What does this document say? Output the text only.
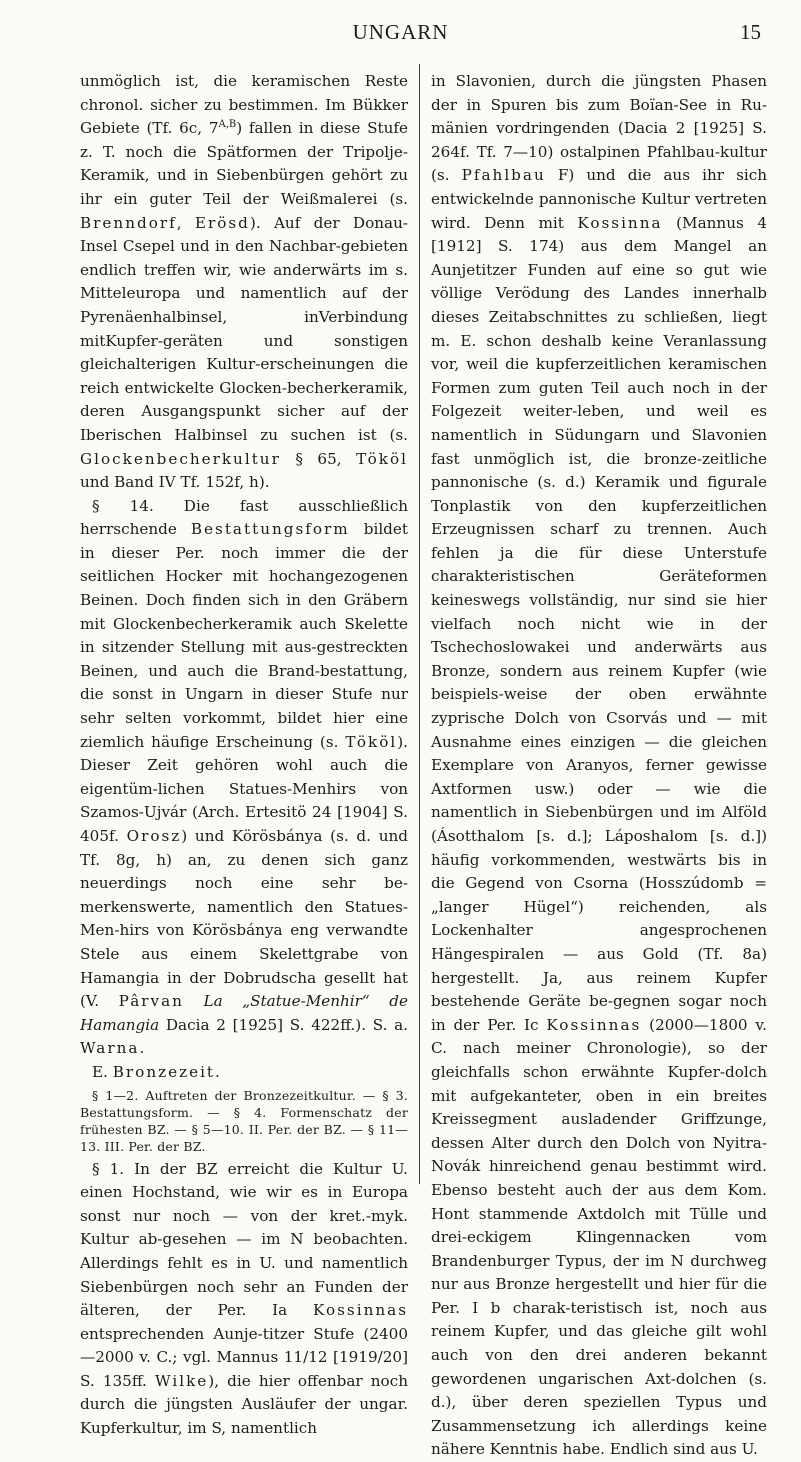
UNGARN	15

unmöglich ist, die keramischen Reste chronol. sicher zu bestimmen. Im Bükker Gebiete (Tf. 6c, $7^{A,B}$) fallen in diese Stufe z. T. noch die Spätformen der Tripolje-Keramik, und in Siebenbürgen gehört zu ihr ein guter Teil der Weißmalerei (s. Brenndorf, Erösd). Auf der Donau-Insel Csepel und in den Nachbar-gebieten endlich treffen wir, wie anderwärts im s. Mitteleuropa und namentlich auf der Pyrenäenhalbinsel, inVerbindung mitKupfer-geräten und sonstigen gleichalterigen Kultur-erscheinungen die reich entwickelte Glocken-becherkeramik, deren Ausgangspunkt sicher auf der Iberischen Halbinsel zu suchen ist (s. Glockenbecherkultur § 65, Tököl und Band IV Tf. 152f, h).

§ 14. Die fast ausschließlich herrschende Bestattungsform bildet in dieser Per. noch immer die der seitlichen Hocker mit hochangezogenen Beinen. Doch finden sich in den Gräbern mit Glockenbecherkeramik auch Skelette in sitzender Stellung mit aus-gestreckten Beinen, und auch die Brand-bestattung, die sonst in Ungarn in dieser Stufe nur sehr selten vorkommt, bildet hier eine ziemlich häufige Erscheinung (s. Tököl). Dieser Zeit gehören wohl auch die eigentüm-lichen Statues-Menhirs von Szamos-Ujvár (Arch. Ertesitö 24 [1904] S. 405f. Orosz) und Körösbánya (s. d. und Tf. 8g, h) an, zu denen sich ganz neuerdings noch eine sehr be-merkenswerte, namentlich den Statues-Men-hirs von Körösbánya eng verwandte Stele aus einem Skelettgrabe von Hamangia in der Dobrudscha gesellt hat (V. Pârvan La „Statue-Menhir“ de Hamangia Dacia 2 [1925] S. 422ff.). S. a. Warna.

E. Bronzezeit.

§ 1—2. Auftreten der Bronzezeitkultur. — § 3. Bestattungsform. — § 4. Formenschatz der frühesten BZ. — § 5—10. II. Per. der BZ. — § 11—13. III. Per. der BZ.

§ 1. In der BZ erreicht die Kultur U. einen Hochstand, wie wir es in Europa sonst nur noch — von der kret.-myk. Kultur ab-gesehen — im N beobachten. Allerdings fehlt es in U. und namentlich Siebenbürgen noch sehr an Funden der älteren, der Per. Ia Kossinnas entsprechenden Aunje-titzer Stufe (2400—2000 v. C.; vgl. Mannus 11/12 [1919/20] S. 135ff. Wilke), die hier offenbar noch durch die jüngsten Ausläufer der ungar. Kupferkultur, im S, namentlich

in Slavonien, durch die jüngsten Phasen der in Spuren bis zum Boïan-See in Ru-mänien vordringenden (Dacia 2 [1925] S. 264f. Tf. 7—10) ostalpinen Pfahlbau-kultur (s. Pfahlbau F) und die aus ihr sich entwickelnde pannonische Kultur vertreten wird. Denn mit Kossinna (Mannus 4 [1912] S. 174) aus dem Mangel an Aunjetitzer Funden auf eine so gut wie völlige Verödung des Landes innerhalb dieses Zeitabschnittes zu schließen, liegt m. E. schon deshalb keine Veranlassung vor, weil die kupferzeitlichen keramischen Formen zum guten Teil auch noch in der Folgezeit weiter-leben, und weil es namentlich in Südungarn und Slavonien fast unmöglich ist, die bronze-zeitliche pannonische (s. d.) Keramik und figurale Tonplastik von den kupferzeitlichen Erzeugnissen scharf zu trennen. Auch fehlen ja die für diese Unterstufe charakteristischen Geräteformen keineswegs vollständig, nur sind sie hier vielfach noch nicht wie in der Tschechoslowakei und anderwärts aus Bronze, sondern aus reinem Kupfer (wie beispiels-weise der oben erwähnte zyprische Dolch von Csorvás und — mit Ausnahme eines einzigen — die gleichen Exemplare von Aranyos, ferner gewisse Axtformen usw.) oder — wie die namentlich in Siebenbürgen und im Alföld (Ásotthalom [s. d.]; Láposhalom [s. d.]) häufig vorkommenden, westwärts bis in die Gegend von Csorna (Hosszúdomb = „langer Hügel“) reichenden, als Lockenhalter angesprochenen Hängespiralen — aus Gold (Tf. 8a) hergestellt. Ja, aus reinem Kupfer bestehende Geräte be-gegnen sogar noch in der Per. Ic Kossinnas (2000—1800 v. C. nach meiner Chronologie), so der gleichfalls schon erwähnte Kupfer-dolch mit aufgekanteter, oben in ein breites Kreissegment ausladender Griffzunge, dessen Alter durch den Dolch von Nyitra-Novák hinreichend genau bestimmt wird. Ebenso besteht auch der aus dem Kom. Hont stammende Axtdolch mit Tülle und drei-eckigem Klingennacken vom Brandenburger Typus, der im N durchweg nur aus Bronze hergestellt und hier für die Per. I b charak-teristisch ist, noch aus reinem Kupfer, und das gleiche gilt wohl auch von den drei anderen bekannt gewordenen ungarischen Axt-dolchen (s. d.), über deren speziellen Typus und Zusammensetzung ich allerdings keine nähere Kenntnis habe. Endlich sind aus U.
